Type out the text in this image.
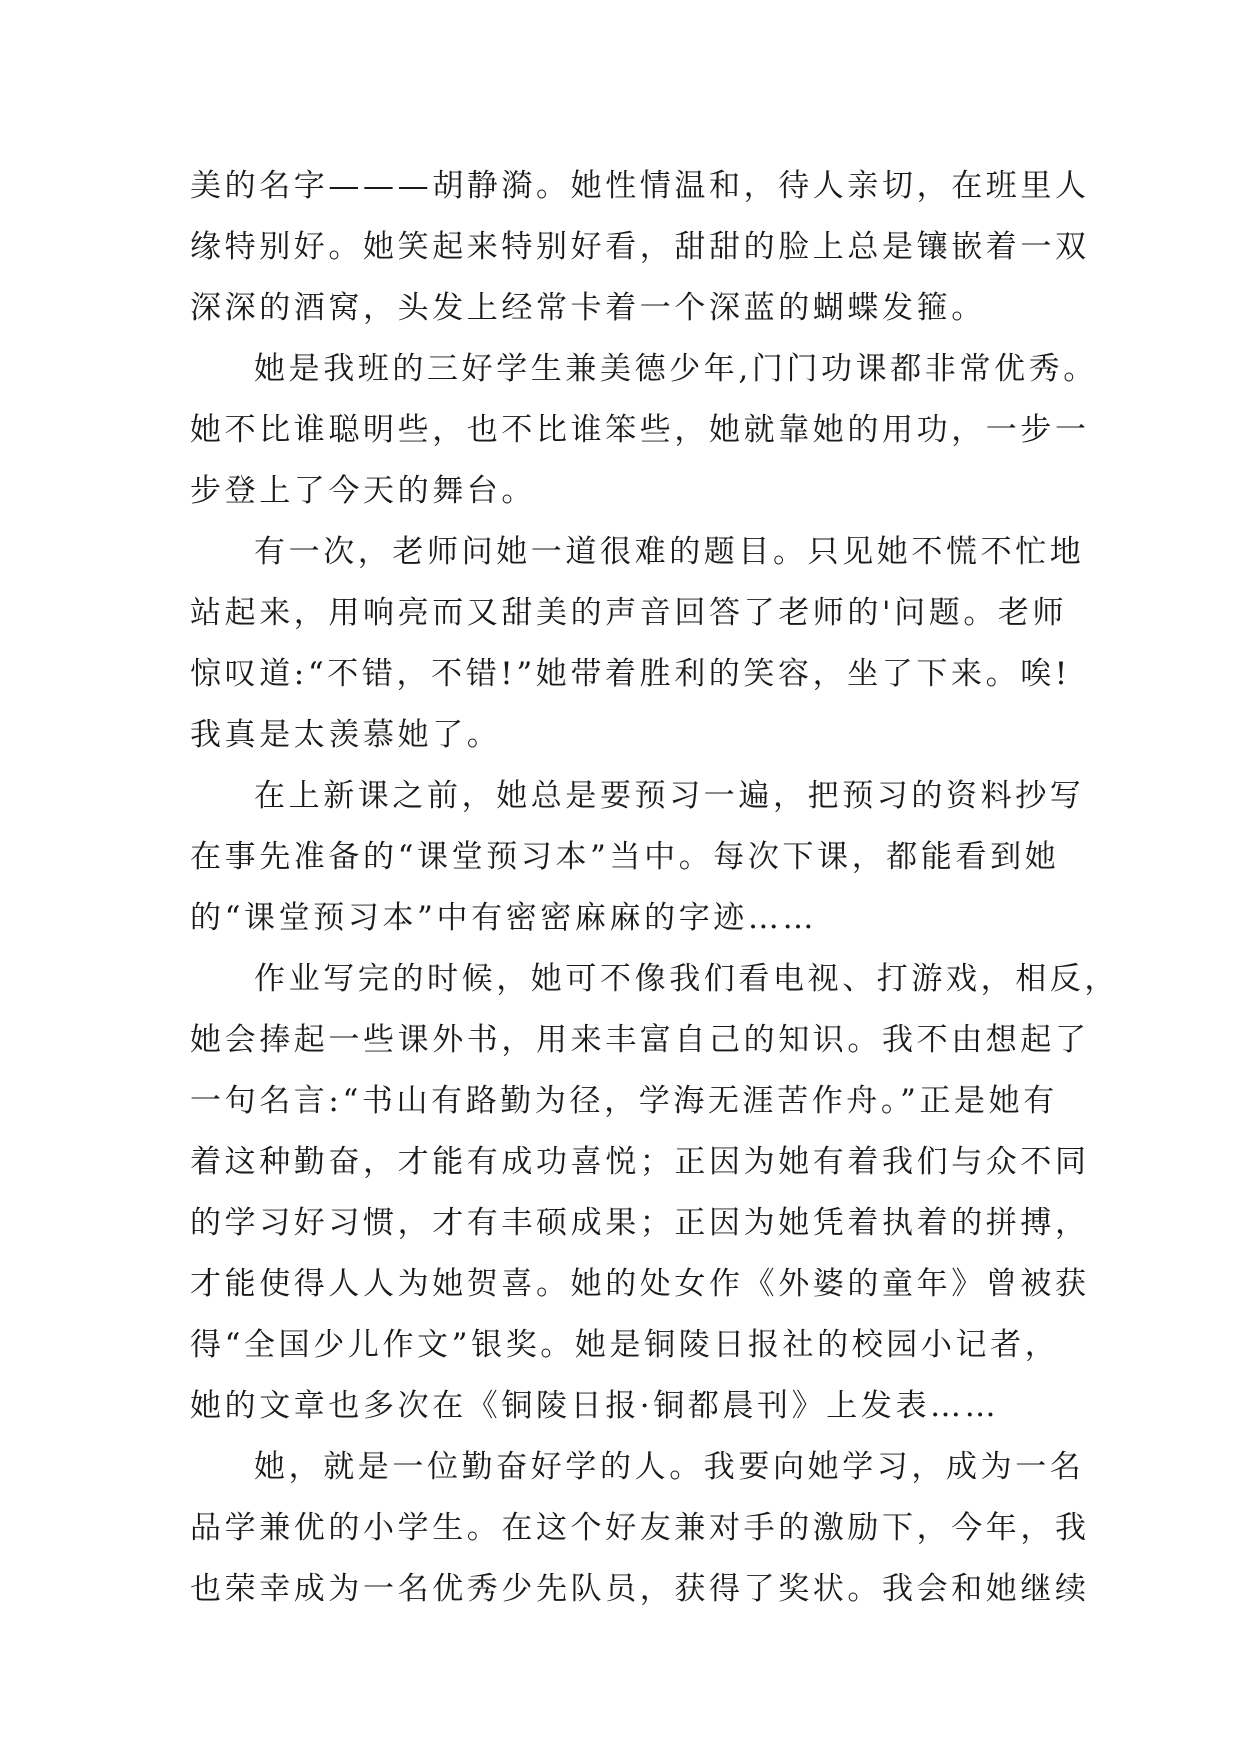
美的名字———胡静漪。她性情温和，待人亲切，在班里人
缘特别好。她笑起来特别好看，甜甜的脸上总是镶嵌着一双
深深的酒窝，头发上经常卡着一个深蓝的蝴蝶发箍。
她是我班的三好学生兼美德少年,门门功课都非常优秀。
她不比谁聪明些，也不比谁笨些，她就靠她的用功，一步一
步登上了今天的舞台。
有一次，老师问她一道很难的题目。只见她不慌不忙地
站起来，用响亮而又甜美的声音回答了老师的'问题。老师
惊叹道:“不错，不错!”她带着胜利的笑容，坐了下来。唉!
我真是太羡慕她了。
在上新课之前，她总是要预习一遍，把预习的资料抄写
在事先准备的“课堂预习本”当中。每次下课，都能看到她
的“课堂预习本”中有密密麻麻的字迹……
作业写完的时候，她可不像我们看电视、打游戏，相反，
她会捧起一些课外书，用来丰富自己的知识。我不由想起了
一句名言:“书山有路勤为径，学海无涯苦作舟。”正是她有
着这种勤奋，才能有成功喜悦；正因为她有着我们与众不同
的学习好习惯，才有丰硕成果；正因为她凭着执着的拼搏，
才能使得人人为她贺喜。她的处女作《外婆的童年》曾被获
得“全国少儿作文”银奖。她是铜陵日报社的校园小记者，
她的文章也多次在《铜陵日报·铜都晨刊》上发表……
她，就是一位勤奋好学的人。我要向她学习，成为一名
品学兼优的小学生。在这个好友兼对手的激励下，今年，我
也荣幸成为一名优秀少先队员，获得了奖状。我会和她继续
